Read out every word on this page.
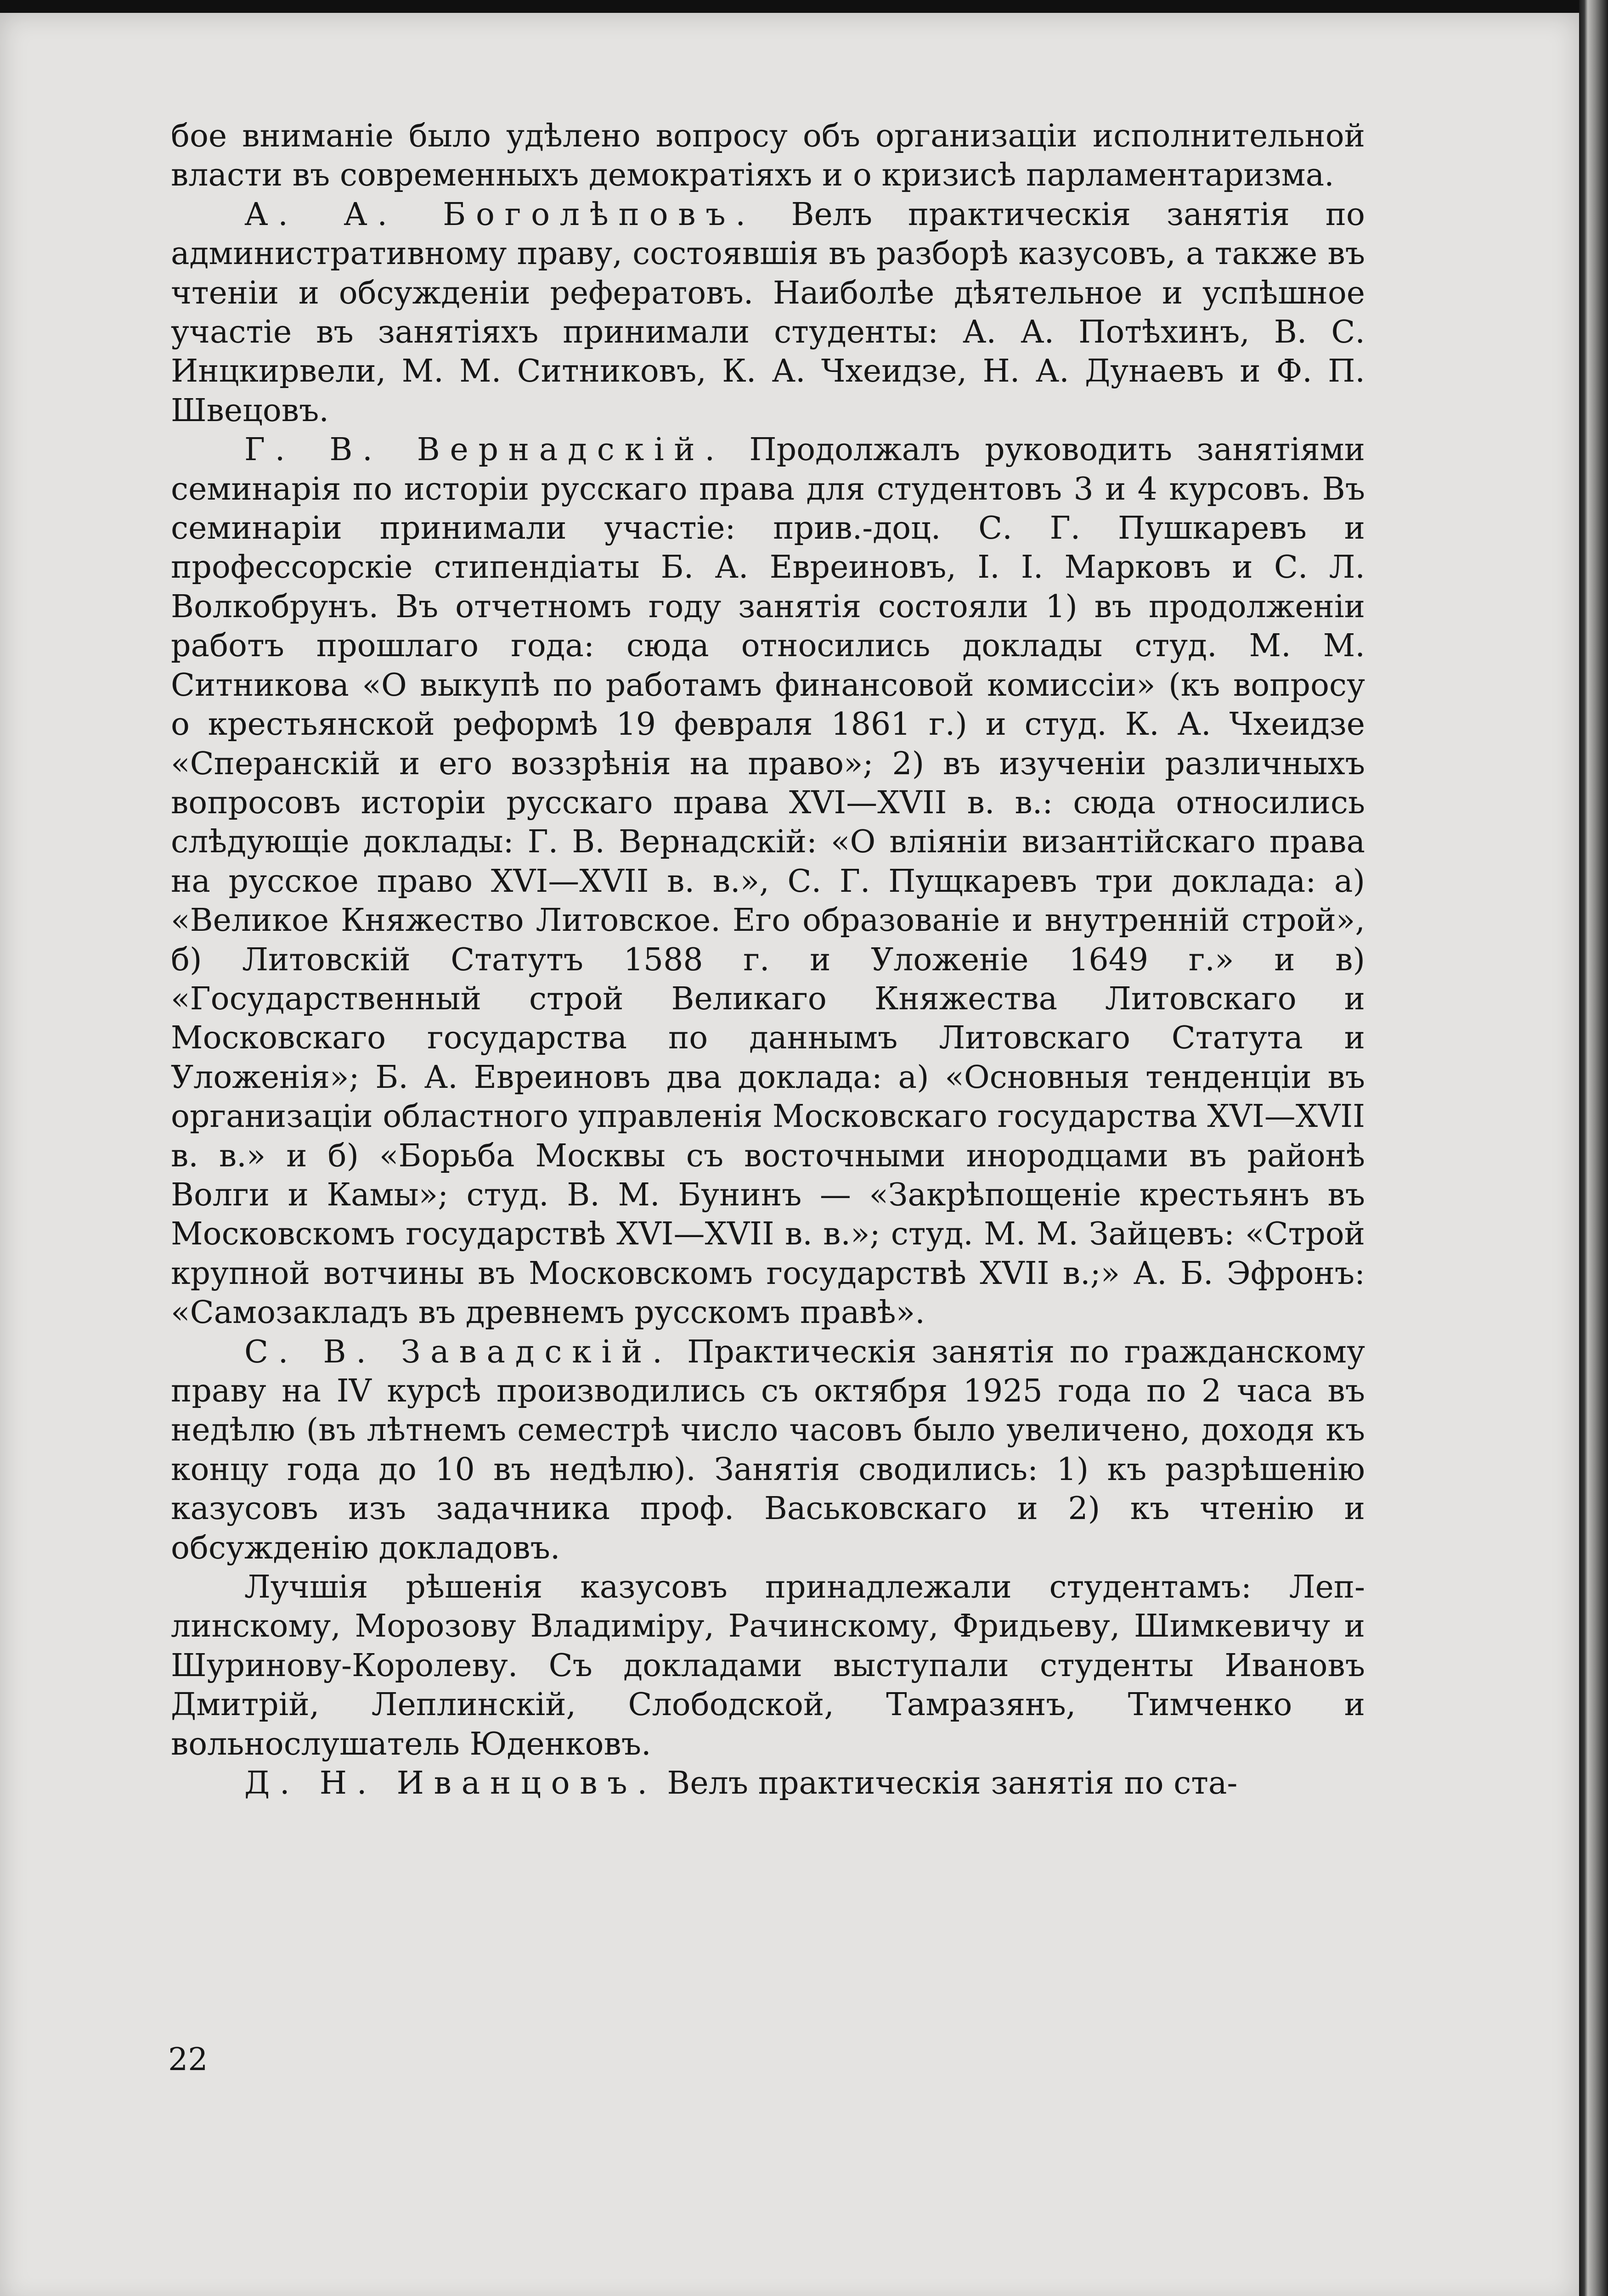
бое вниманіе было удѣлено вопросу объ организаціи исполнительной власти въ современныхъ демократіяхъ и о кризисѣ парламентаризма.

А. А. Боголѣповъ. Велъ практическія занятія по административному праву, состоявшія въ разборѣ казусовъ, а также въ чтеніи и обсужденіи рефератовъ. Наиболѣе дѣятельное и успѣшное участіе въ занятіяхъ принимали студенты: А. А. Потѣхинъ, В. С. Инцкирвели, М. М. Ситниковъ, К. А. Чхеидзе, Н. А. Дунаевъ и Ф. П. Швецовъ.

Г. В. Вернадскій. Продолжалъ руководить занятіями семинарія по исторіи русскаго права для студентовъ 3 и 4 курсовъ. Въ семинаріи принимали участіе: прив.-доц. С. Г. Пушкаревъ и профессорскіе стипендіаты Б. А. Евреиновъ, І. І. Марковъ и С. Л. Волкобрунъ. Въ отчетномъ году занятія состояли 1) въ продолженіи работъ прошлаго года: сюда относились доклады студ. М. М. Ситникова «О выкупѣ по работамъ финансовой комиссіи» (къ вопросу о крестьянской реформѣ 19 февраля 1861 г.) и студ. К. А. Чхеидзе «Сперанскій и его воззрѣнія на право»; 2) въ изученіи различныхъ вопросовъ исторіи русскаго права XVI—XVII в. в.: сюда относились слѣдующіе доклады: Г. В. Вернадскій: «О вліяніи византійскаго права на русское право XVI—XVII в. в.», С. Г. Пущкаревъ три доклада: а) «Великое Княжество Литовское. Его образованіе и внутренній строй», б) Литовскій Статутъ 1588 г. и Уложеніе 1649 г.» и в) «Государственный строй Великаго Княжества Литовскаго и Московскаго государства по даннымъ Литовскаго Статута и Уложенія»; Б. А. Евреиновъ два доклада: а) «Основныя тенденціи въ организаціи областного управленія Московскаго государства XVI—XVII в. в.» и б) «Борьба Москвы съ восточными инородцами въ районѣ Волги и Камы»; студ. В. М. Бунинъ — «Закрѣпощеніе крестьянъ въ Московскомъ государствѣ XVI—XVII в. в.»; студ. М. М. Зайцевъ: «Строй крупной вотчины въ Московскомъ государствѣ XVII в.;» А. Б. Эфронъ: «Самозакладъ въ древнемъ русскомъ правѣ».

С. В. Завадскій. Практическія занятія по гражданскому праву на IV курсѣ производились съ октября 1925 года по 2 часа въ недѣлю (въ лѣтнемъ семестрѣ число часовъ было увеличено, доходя къ концу года до 10 въ недѣлю). Занятія сводились: 1) къ разрѣшенію казусовъ изъ задачника проф. Васьковскаго и 2) къ чтенію и обсужденію докладовъ.

Лучшія рѣшенія казусовъ принадлежали студентамъ: Леплинскому, Морозову Владиміру, Рачинскому, Фридьеву, Шимкевичу и Шуринову-Королеву. Съ докладами выступали студенты Ивановъ Дмитрій, Леплинскій, Слободской, Тамразянъ, Тимченко и вольнослушатель Юденковъ.

Д. Н. Иванцовъ. Велъ практическія занятія по ста-

22
